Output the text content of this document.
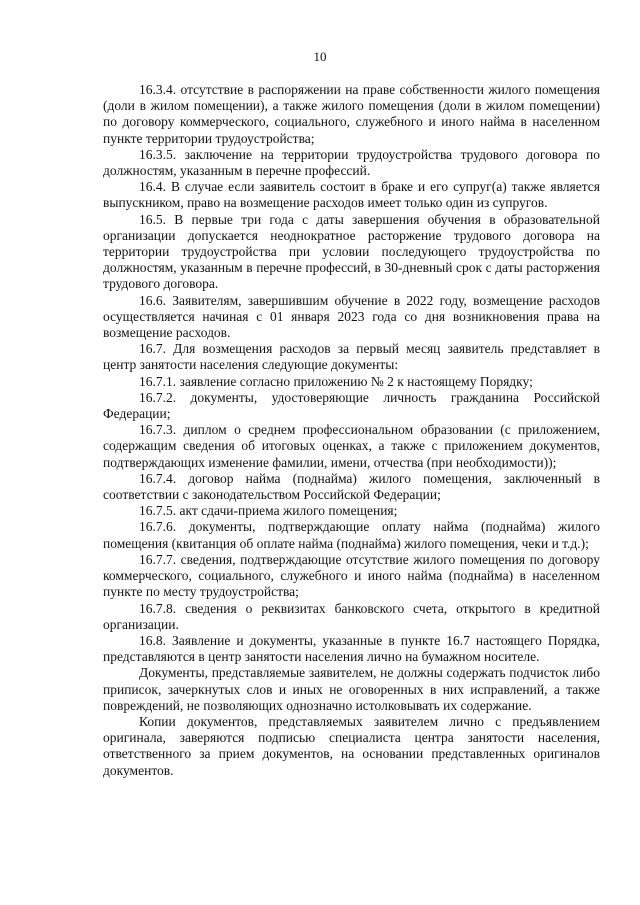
10

16.3.4. отсутствие в распоряжении на праве собственности жилого помещения (доли в жилом помещении), а также жилого помещения (доли в жилом помещении) по договору коммерческого, социального, служебного и иного найма в населенном пункте территории трудоустройства;

16.3.5. заключение на территории трудоустройства трудового договора по должностям, указанным в перечне профессий.

16.4. В случае если заявитель состоит в браке и его супруг(а) также является выпускником, право на возмещение расходов имеет только один из супругов.

16.5. В первые три года с даты завершения обучения в образовательной организации допускается неоднократное расторжение трудового договора на территории трудоустройства при условии последующего трудоустройства по должностям, указанным в перечне профессий, в 30-дневный срок с даты расторжения трудового договора.

16.6. Заявителям, завершившим обучение в 2022 году, возмещение расходов осуществляется начиная с 01 января 2023 года со дня возникновения права на возмещение расходов.

16.7. Для возмещения расходов за первый месяц заявитель представляет в центр занятости населения следующие документы:

16.7.1. заявление согласно приложению № 2 к настоящему Порядку;

16.7.2. документы, удостоверяющие личность гражданина Российской Федерации;

16.7.3. диплом о среднем профессиональном образовании (с приложением, содержащим сведения об итоговых оценках, а также с приложением документов, подтверждающих изменение фамилии, имени, отчества (при необходимости));

16.7.4. договор найма (поднайма) жилого помещения, заключенный в соответствии с законодательством Российской Федерации;

16.7.5. акт сдачи-приема жилого помещения;

16.7.6. документы, подтверждающие оплату найма (поднайма) жилого помещения (квитанция об оплате найма (поднайма) жилого помещения, чеки и т.д.);

16.7.7. сведения, подтверждающие отсутствие жилого помещения по договору коммерческого, социального, служебного и иного найма (поднайма) в населенном пункте по месту трудоустройства;

16.7.8. сведения о реквизитах банковского счета, открытого в кредитной организации.

16.8. Заявление и документы, указанные в пункте 16.7 настоящего Порядка, представляются в центр занятости населения лично на бумажном носителе.

Документы, представляемые заявителем, не должны содержать подчисток либо приписок, зачеркнутых слов и иных не оговоренных в них исправлений, а также повреждений, не позволяющих однозначно истолковывать их содержание.

Копии документов, представляемых заявителем лично с предъявлением оригинала, заверяются подписью специалиста центра занятости населения, ответственного за прием документов, на основании представленных оригиналов документов.
